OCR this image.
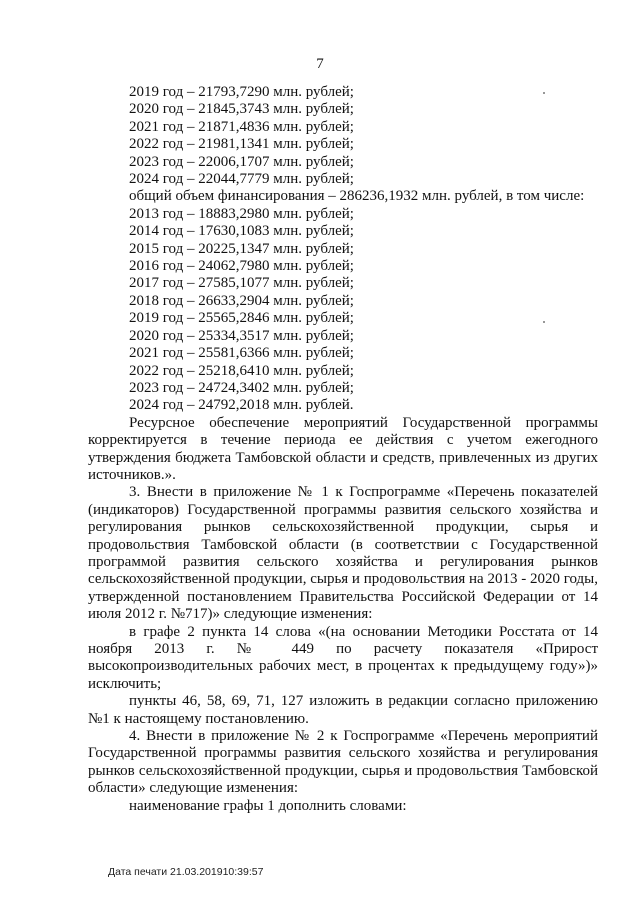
7
2019 год – 21793,7290 млн. рублей;
2020 год – 21845,3743 млн. рублей;
2021 год – 21871,4836 млн. рублей;
2022 год – 21981,1341 млн. рублей;
2023 год – 22006,1707 млн. рублей;
2024 год – 22044,7779 млн. рублей;
общий объем финансирования – 286236,1932 млн. рублей, в том числе:
2013 год – 18883,2980 млн. рублей;
2014 год – 17630,1083 млн. рублей;
2015 год – 20225,1347 млн. рублей;
2016 год – 24062,7980 млн. рублей;
2017 год – 27585,1077 млн. рублей;
2018 год – 26633,2904 млн. рублей;
2019 год – 25565,2846 млн. рублей;
2020 год – 25334,3517 млн. рублей;
2021 год – 25581,6366 млн. рублей;
2022 год – 25218,6410 млн. рублей;
2023 год – 24724,3402 млн. рублей;
2024 год – 24792,2018 млн. рублей.

Ресурсное обеспечение мероприятий Государственной программы корректируется в течение периода ее действия с учетом ежегодного утверждения бюджета Тамбовской области и средств, привлеченных из других источников.».

3. Внести в приложение № 1 к Госпрограмме «Перечень показателей (индикаторов) Государственной программы развития сельского хозяйства и регулирования рынков сельскохозяйственной продукции, сырья и продовольствия Тамбовской области (в соответствии с Государственной программой развития сельского хозяйства и регулирования рынков сельскохозяйственной продукции, сырья и продовольствия на 2013 - 2020 годы, утвержденной постановлением Правительства Российской Федерации от 14 июля 2012 г. №717)» следующие изменения:

в графе 2 пункта 14 слова «(на основании Методики Росстата от 14 ноября 2013 г. № 449 по расчету показателя «Прирост высокопроизводительных рабочих мест, в процентах к предыдущему году»)» исключить;

пункты 46, 58, 69, 71, 127 изложить в редакции согласно приложению №1 к настоящему постановлению.

4. Внести в приложение № 2 к Госпрограмме «Перечень мероприятий Государственной программы развития сельского хозяйства и регулирования рынков сельскохозяйственной продукции, сырья и продовольствия Тамбовской области» следующие изменения:

наименование графы 1 дополнить словами:
Дата печати 21.03.201910:39:57
